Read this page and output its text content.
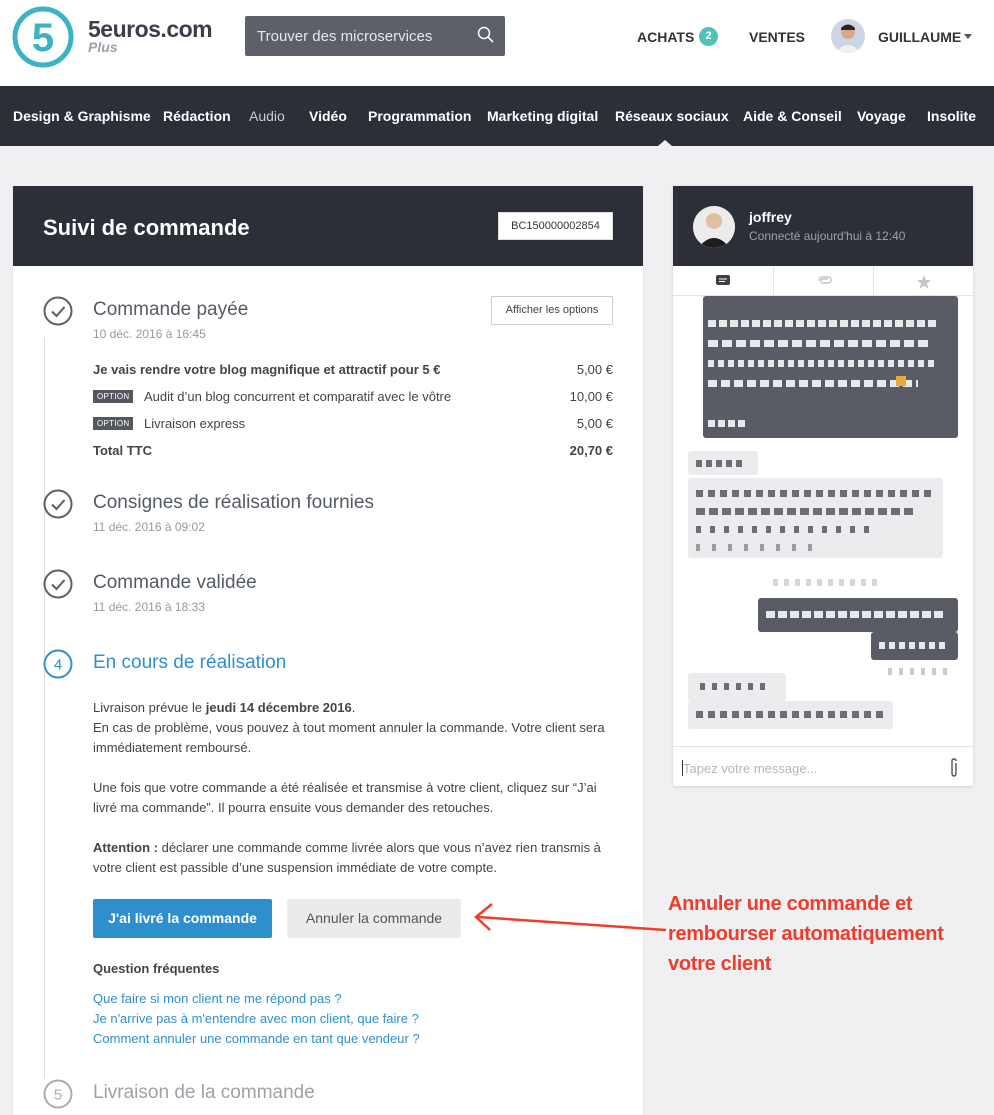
5 5euros.com
Plus
Trouver des microservices	ACHATS	2	VENTES	GUILLAUME
Design & Graphisme Rédaction Audio Vidéo Programmation Marketing digital Réseaux sociaux Aide & Conseil Voyage Insolite
Suivi de commande	BC150000002854
Commande payée
10 déc. 2016 à 16:45
Afficher les options
Je vais rendre votre blog magnifique et attractif pour 5 €	5,00 €
OPTION	Audit d’un blog concurrent et comparatif avec le vôtre	10,00 €
OPTION	Livraison express	5,00 €
Total TTC	20,70 €
Consignes de réalisation fournies
11 déc. 2016 à 09:02
Commande validée
11 déc. 2016 à 18:33
4 En cours de réalisation
Livraison prévue le jeudi 14 décembre 2016.
En cas de problème, vous pouvez à tout moment annuler la commande. Votre client sera immédiatement remboursé.
Une fois que votre commande a été réalisée et transmise à votre client, cliquez sur “J’ai livré ma commande”. Il pourra ensuite vous demander des retouches.
Attention : déclarer une commande comme livrée alors que vous n’avez rien transmis à votre client est passible d’une suspension immédiate de votre compte.
J'ai livré la commande	Annuler la commande
Question fréquentes
Que faire si mon client ne me répond pas ?
Je n'arrive pas à m'entendre avec mon client, que faire ?
Comment annuler une commande en tant que vendeur ?
5 Livraison de la commande
joffrey
Connecté aujourd'hui à 12:40
Tapez votre message...
Annuler une commande et
rembourser automatiquement
votre client
